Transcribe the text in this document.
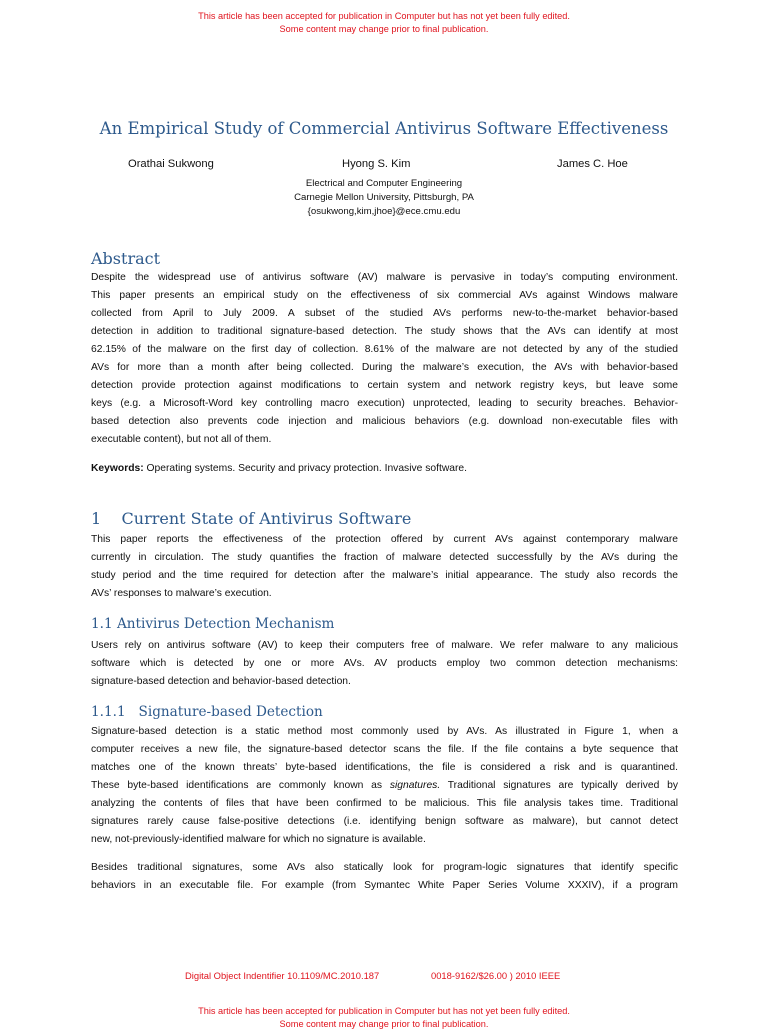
This article has been accepted for publication in Computer but has not yet been fully edited.
Some content may change prior to final publication.
An Empirical Study of Commercial Antivirus Software Effectiveness
Orathai Sukwong	Hyong S. Kim	James C. Hoe
Electrical and Computer Engineering
Carnegie Mellon University, Pittsburgh, PA
{osukwong,kim,jhoe}@ece.cmu.edu
Abstract
Despite the widespread use of antivirus software (AV) malware is pervasive in today’s computing environment.
This paper presents an empirical study on the effectiveness of six commercial AVs against Windows malware
collected from April to July 2009. A subset of the studied AVs performs new-to-the-market behavior-based
detection in addition to traditional signature-based detection. The study shows that the AVs can identify at most
62.15% of the malware on the first day of collection. 8.61% of the malware are not detected by any of the studied
AVs for more than a month after being collected. During the malware’s execution, the AVs with behavior-based
detection provide protection against modifications to certain system and network registry keys, but leave some
keys (e.g. a Microsoft-Word key controlling macro execution) unprotected, leading to security breaches. Behavior-
based detection also prevents code injection and malicious behaviors (e.g. download non-executable files with
executable content), but not all of them.
Keywords: Operating systems. Security and privacy protection. Invasive software.
1    Current State of Antivirus Software
This paper reports the effectiveness of the protection offered by current AVs against contemporary malware
currently in circulation. The study quantifies the fraction of malware detected successfully by the AVs during the
study period and the time required for detection after the malware’s initial appearance. The study also records the
AVs’ responses to malware’s execution.
1.1 Antivirus Detection Mechanism
Users rely on antivirus software (AV) to keep their computers free of malware. We refer malware to any malicious
software which is detected by one or more AVs. AV products employ two common detection mechanisms:
signature-based detection and behavior-based detection.
1.1.1   Signature-based Detection
Signature-based detection is a static method most commonly used by AVs. As illustrated in Figure 1, when a
computer receives a new file, the signature-based detector scans the file. If the file contains a byte sequence that
matches one of the known threats’ byte-based identifications, the file is considered a risk and is quarantined.
These byte-based identifications are commonly known as signatures. Traditional signatures are typically derived by
analyzing the contents of files that have been confirmed to be malicious. This file analysis takes time. Traditional
signatures rarely cause false-positive detections (i.e. identifying benign software as malware), but cannot detect
new, not-previously-identified malware for which no signature is available.
Besides traditional signatures, some AVs also statically look for program-logic signatures that identify specific
behaviors in an executable file. For example (from Symantec White Paper Series Volume XXXIV), if a program
Digital Object Indentifier 10.1109/MC.2010.187	0018-9162/$26.00 ) 2010 IEEE
This article has been accepted for publication in Computer but has not yet been fully edited.
Some content may change prior to final publication.
